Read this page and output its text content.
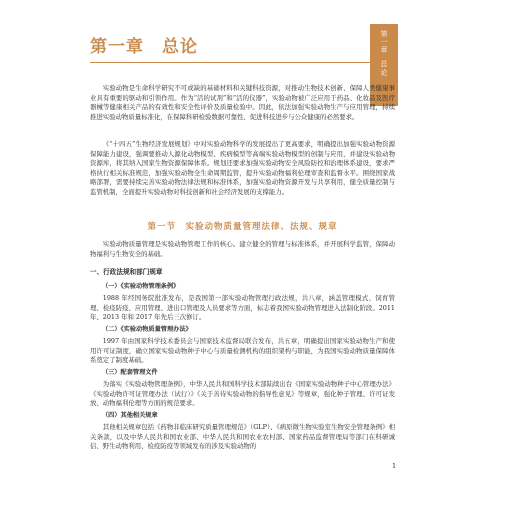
第一章　总论	第一章
总论

实验动物是生命科学研究不可或缺的基础材料和关键科技资源，对推动生物技术创新、保障人类健康事业具有重要的驱动和引领作用。作为“活的试剂”和“活的仪器”，实验动物被广泛应用于药品、化妆品及医疗器械等健康相关产品的有效性和安全性评价及质量检验中。因此，依法加强实验动物生产与应用管理，持续推进实验动物质量标准化，在保障科研检验数据可靠性、促进科技进步与公众健康的必然要求。

《“十四五”生物经济发展规划》中对实验动物科学的发展提出了更高要求，明确提出加强实验动物资源保障能力建设，强调要推动人源化动物模型、疾病模型等高端实验动物模型的创制与应用，并建设实验动物资源库，将其纳入国家生物资源保障体系。规划还要求加强实验动物安全风险防控和治理体系建设，要求严格执行相关标准规范，加强实验动物全生命周期监管，提升实验动物福利伦理审查和监督水平。围绕国家战略部署，需要持续完善实验动物法律法规和标准体系，加强实验动物资源开发与共享利用，健全质量控制与监管机制，全面提升实验动物对科技创新和社会经济发展的支撑能力。

第一节　实验动物质量管理法律、法规、规章

实验动物质量管理是实验动物管理工作的核心。建立健全的管理与标准体系，并开展科学监管，保障动物福利与生物安全的基础。

一、行政法规和部门规章
（一）《实验动物管理条例》

1988 年经国务院批准发布，是我国第一部实验动物管理行政法规，共八章，涵盖管理模式、饲育管理、检疫防疫、应用管理、进出口管理及人员要求等方面，标志着我国实验动物管理进入法制化阶段。2011 年、2013 年和 2017 年先后三次修订。

（二）《实验动物质量管理办法》

1997 年由国家科学技术委员会与国家技术监督局联合发布，共五章，明确提出国家实验动物生产和使用许可证制度，确立国家实验动物种子中心与质量检测机构的组织架构与职能，为我国实验动物质量保障体系奠定了制度基础。

（三）配套管理文件

为落实《实验动物管理条例》，中华人民共和国科学技术部陆续出台《国家实验动物种子中心管理办法》《实验动物许可证管理办法（试行）》《关于善待实验动物的指导性意见》等规章，强化种子管理、许可证发放、动物福利伦理等方面的规范要求。

（四）其他相关规章

其他相关规章包括《药物非临床研究质量管理规范》（GLP）、《病原微生物实验室生物安全管理条例》相关条款，以及中华人民共和国农业部、中华人民共和国农业农村部、国家药品监督管理局等部门在科研诚信、野生动物利用、检疫防疫等领域发布的涉及实验动物的

1
